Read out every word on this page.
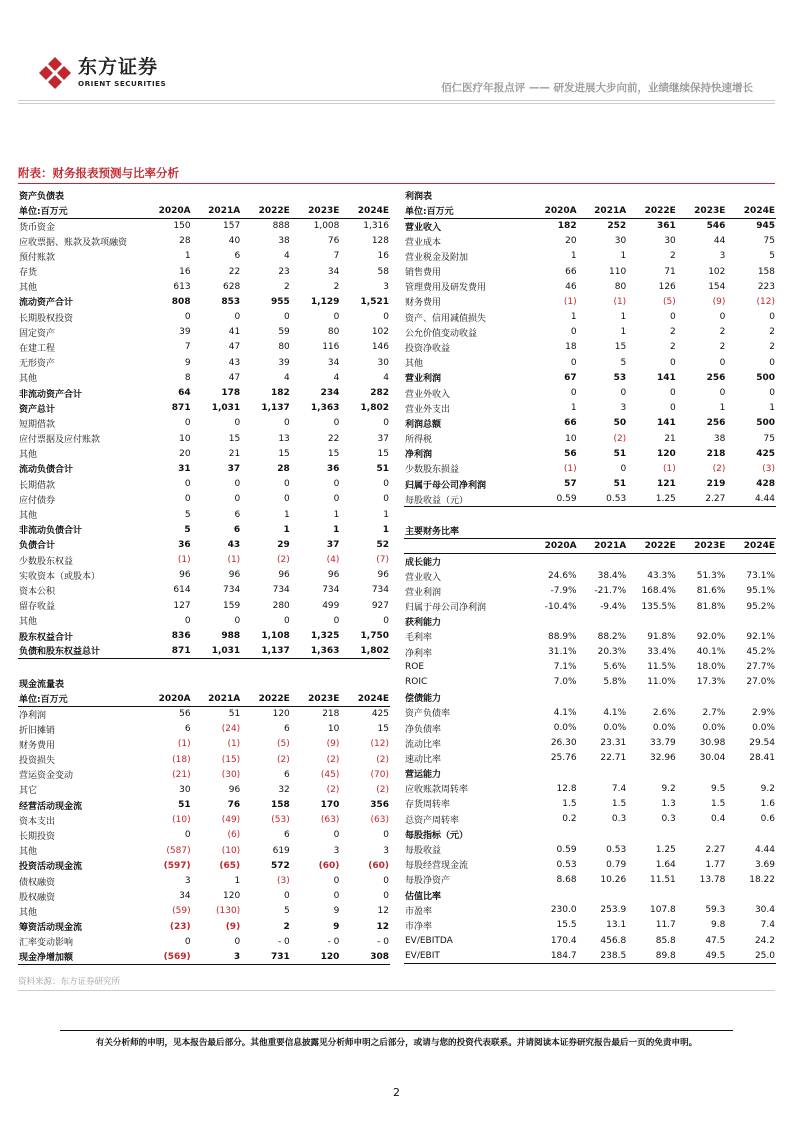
东方证券
ORIENT SECURITIES	佰仁医疗年报点评 —— 研发进展大步向前，业绩继续保持快速增长
附表：财务报表预测与比率分析
资产负债表					
单位:百万元	2020A	2021A	2022E	2023E	2024E
货币资金	150	157	888	1,008	1,316
应收票据、账款及款项融资	28	40	38	76	128
预付账款	1	6	4	7	16
存货	16	22	23	34	58
其他	613	628	2	2	3
流动资产合计	808	853	955	1,129	1,521
长期股权投资	0	0	0	0	0
固定资产	39	41	59	80	102
在建工程	7	47	80	116	146
无形资产	9	43	39	34	30
其他	8	47	4	4	4
非流动资产合计	64	178	182	234	282
资产总计	871	1,031	1,137	1,363	1,802
短期借款	0	0	0	0	0
应付票据及应付账款	10	15	13	22	37
其他	20	21	15	15	15
流动负债合计	31	37	28	36	51
长期借款	0	0	0	0	0
应付债券	0	0	0	0	0
其他	5	6	1	1	1
非流动负债合计	5	6	1	1	1
负债合计	36	43	29	37	52
少数股东权益	(1)	(1)	(2)	(4)	(7)
实收资本（或股本）	96	96	96	96	96
资本公积	614	734	734	734	734
留存收益	127	159	280	499	927
其他	0	0	0	0	0
股东权益合计	836	988	1,108	1,325	1,750
负债和股东权益总计	871	1,031	1,137	1,363	1,802
现金流量表					
单位:百万元	2020A	2021A	2022E	2023E	2024E
净利润	56	51	120	218	425
折旧摊销	6	(24)	6	10	15
财务费用	(1)	(1)	(5)	(9)	(12)
投资损失	(18)	(15)	(2)	(2)	(2)
营运资金变动	(21)	(30)	6	(45)	(70)
其它	30	96	32	(2)	(2)
经营活动现金流	51	76	158	170	356
资本支出	(10)	(49)	(53)	(63)	(63)
长期投资	0	(6)	6	0	0
其他	(587)	(10)	619	3	3
投资活动现金流	(597)	(65)	572	(60)	(60)
债权融资	3	1	(3)	0	0
股权融资	34	120	0	0	0
其他	(59)	(130)	5	9	12
筹资活动现金流	(23)	(9)	2	9	12
汇率变动影响	0	0	- 0	- 0	- 0
现金净增加额	(569)	3	731	120	308
利润表					
单位:百万元	2020A	2021A	2022E	2023E	2024E
营业收入	182	252	361	546	945
营业成本	20	30	30	44	75
营业税金及附加	1	1	2	3	5
销售费用	66	110	71	102	158
管理费用及研发费用	46	80	126	154	223
财务费用	(1)	(1)	(5)	(9)	(12)
资产、信用减值损失	1	1	0	0	0
公允价值变动收益	0	1	2	2	2
投资净收益	18	15	2	2	2
其他	0	5	0	0	0
营业利润	67	53	141	256	500
营业外收入	0	0	0	0	0
营业外支出	1	3	0	1	1
利润总额	66	50	141	256	500
所得税	10	(2)	21	38	75
净利润	56	51	120	218	425
少数股东损益	(1)	0	(1)	(2)	(3)
归属于母公司净利润	57	51	121	219	428
每股收益（元）	0.59	0.53	1.25	2.27	4.44
主要财务比率					
	2020A	2021A	2022E	2023E	2024E
成长能力					
营业收入	24.6%	38.4%	43.3%	51.3%	73.1%
营业利润	-7.9%	-21.7%	168.4%	81.6%	95.1%
归属于母公司净利润	-10.4%	-9.4%	135.5%	81.8%	95.2%
获利能力					
毛利率	88.9%	88.2%	91.8%	92.0%	92.1%
净利率	31.1%	20.3%	33.4%	40.1%	45.2%
ROE	7.1%	5.6%	11.5%	18.0%	27.7%
ROIC	7.0%	5.8%	11.0%	17.3%	27.0%
偿债能力					
资产负债率	4.1%	4.1%	2.6%	2.7%	2.9%
净负债率	0.0%	0.0%	0.0%	0.0%	0.0%
流动比率	26.30	23.31	33.79	30.98	29.54
速动比率	25.76	22.71	32.96	30.04	28.41
营运能力					
应收账款周转率	12.8	7.4	9.2	9.5	9.2
存货周转率	1.5	1.5	1.3	1.5	1.6
总资产周转率	0.2	0.3	0.3	0.4	0.6
每股指标（元）					
每股收益	0.59	0.53	1.25	2.27	4.44
每股经营现金流	0.53	0.79	1.64	1.77	3.69
每股净资产	8.68	10.26	11.51	13.78	18.22
估值比率					
市盈率	230.0	253.9	107.8	59.3	30.4
市净率	15.5	13.1	11.7	9.8	7.4
EV/EBITDA	170.4	456.8	85.8	47.5	24.2
EV/EBIT	184.7	238.5	89.8	49.5	25.0
资料来源：东方证券研究所
有关分析师的申明，见本报告最后部分。其他重要信息披露见分析师申明之后部分，或请与您的投资代表联系。并请阅读本证券研究报告最后一页的免责申明。
2
